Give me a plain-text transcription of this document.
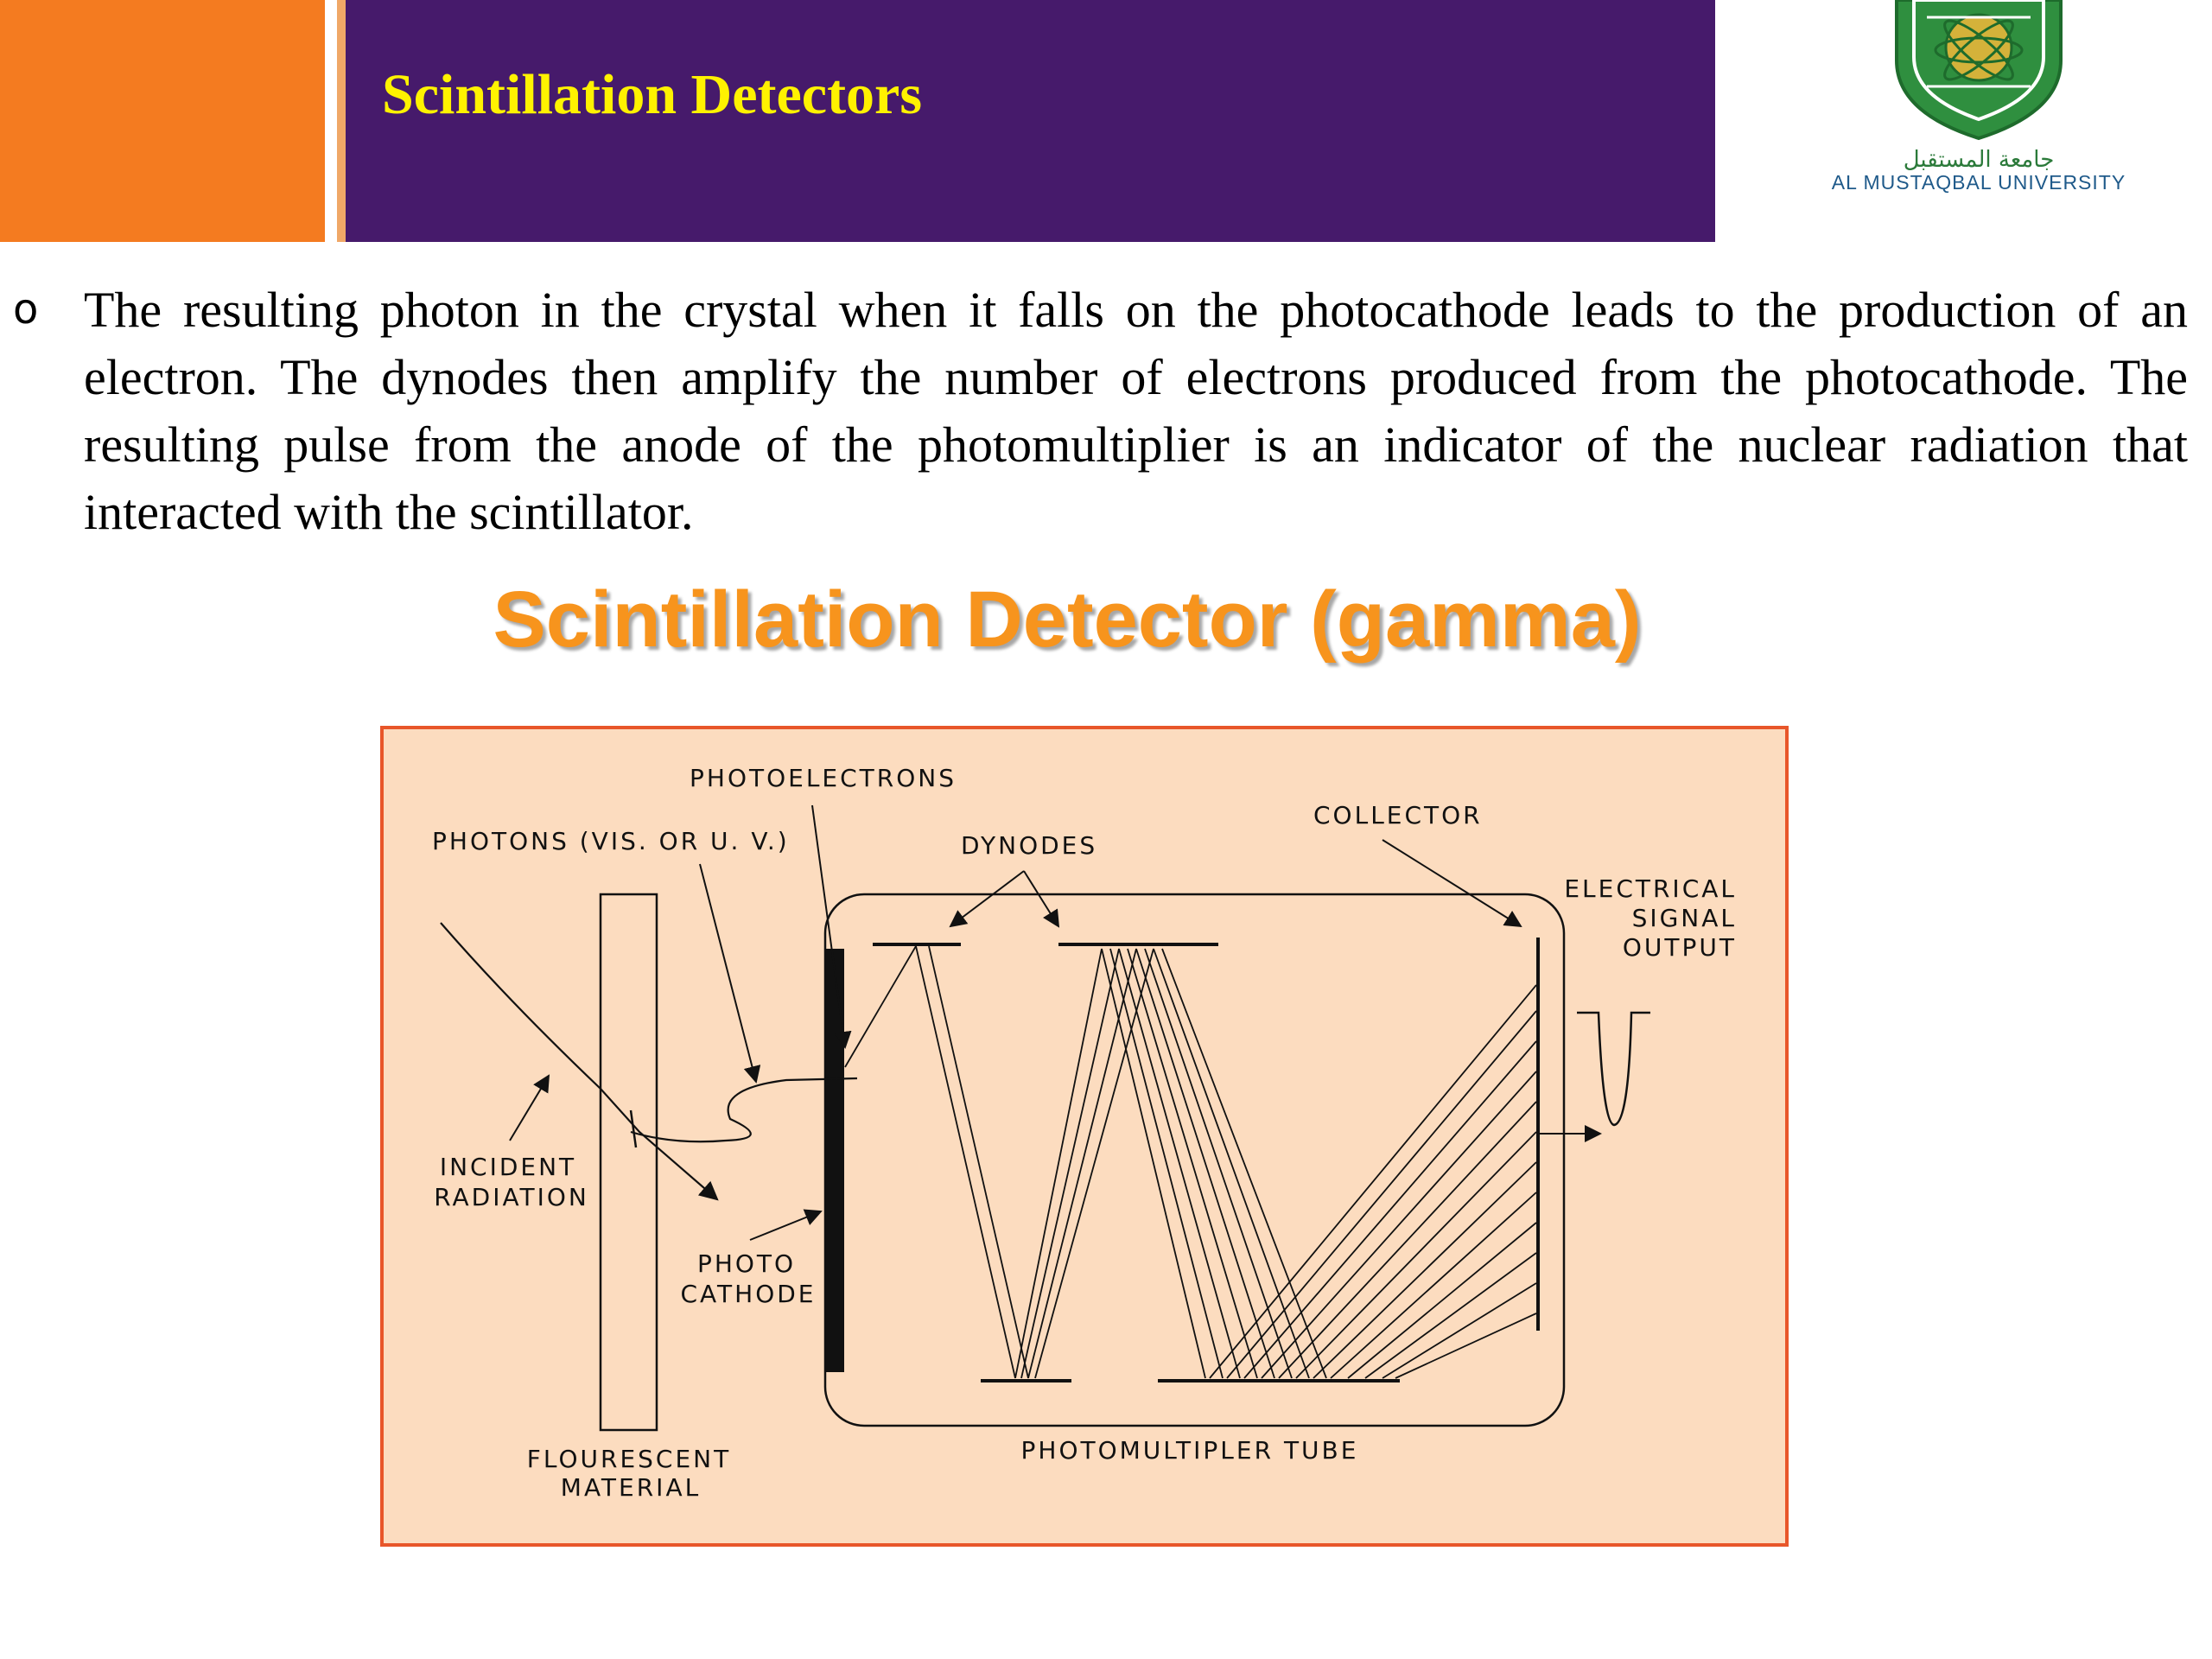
Scintillation Detectors
جامعة المستقبل
AL MUSTAQBAL UNIVERSITY
o The resulting photon in the crystal when it falls on the photocathode leads to the production of an electron. The dynodes then amplify the number of electrons produced from the photocathode. The resulting pulse from the anode of the photomultiplier is an indicator of the nuclear radiation that interacted with the scintillator.

Scintillation Detector (gamma)
PHOTOELECTRONS
PHOTONS (VIS. OR U. V.)	DYNODES
COLLECTOR
ELECTRICAL
SIGNAL
OUTPUT
INCIDENT
RADIATION
PHOTO
CATHODE
FLOURESCENT
MATERIAL
PHOTOMULTIPLER TUBE
